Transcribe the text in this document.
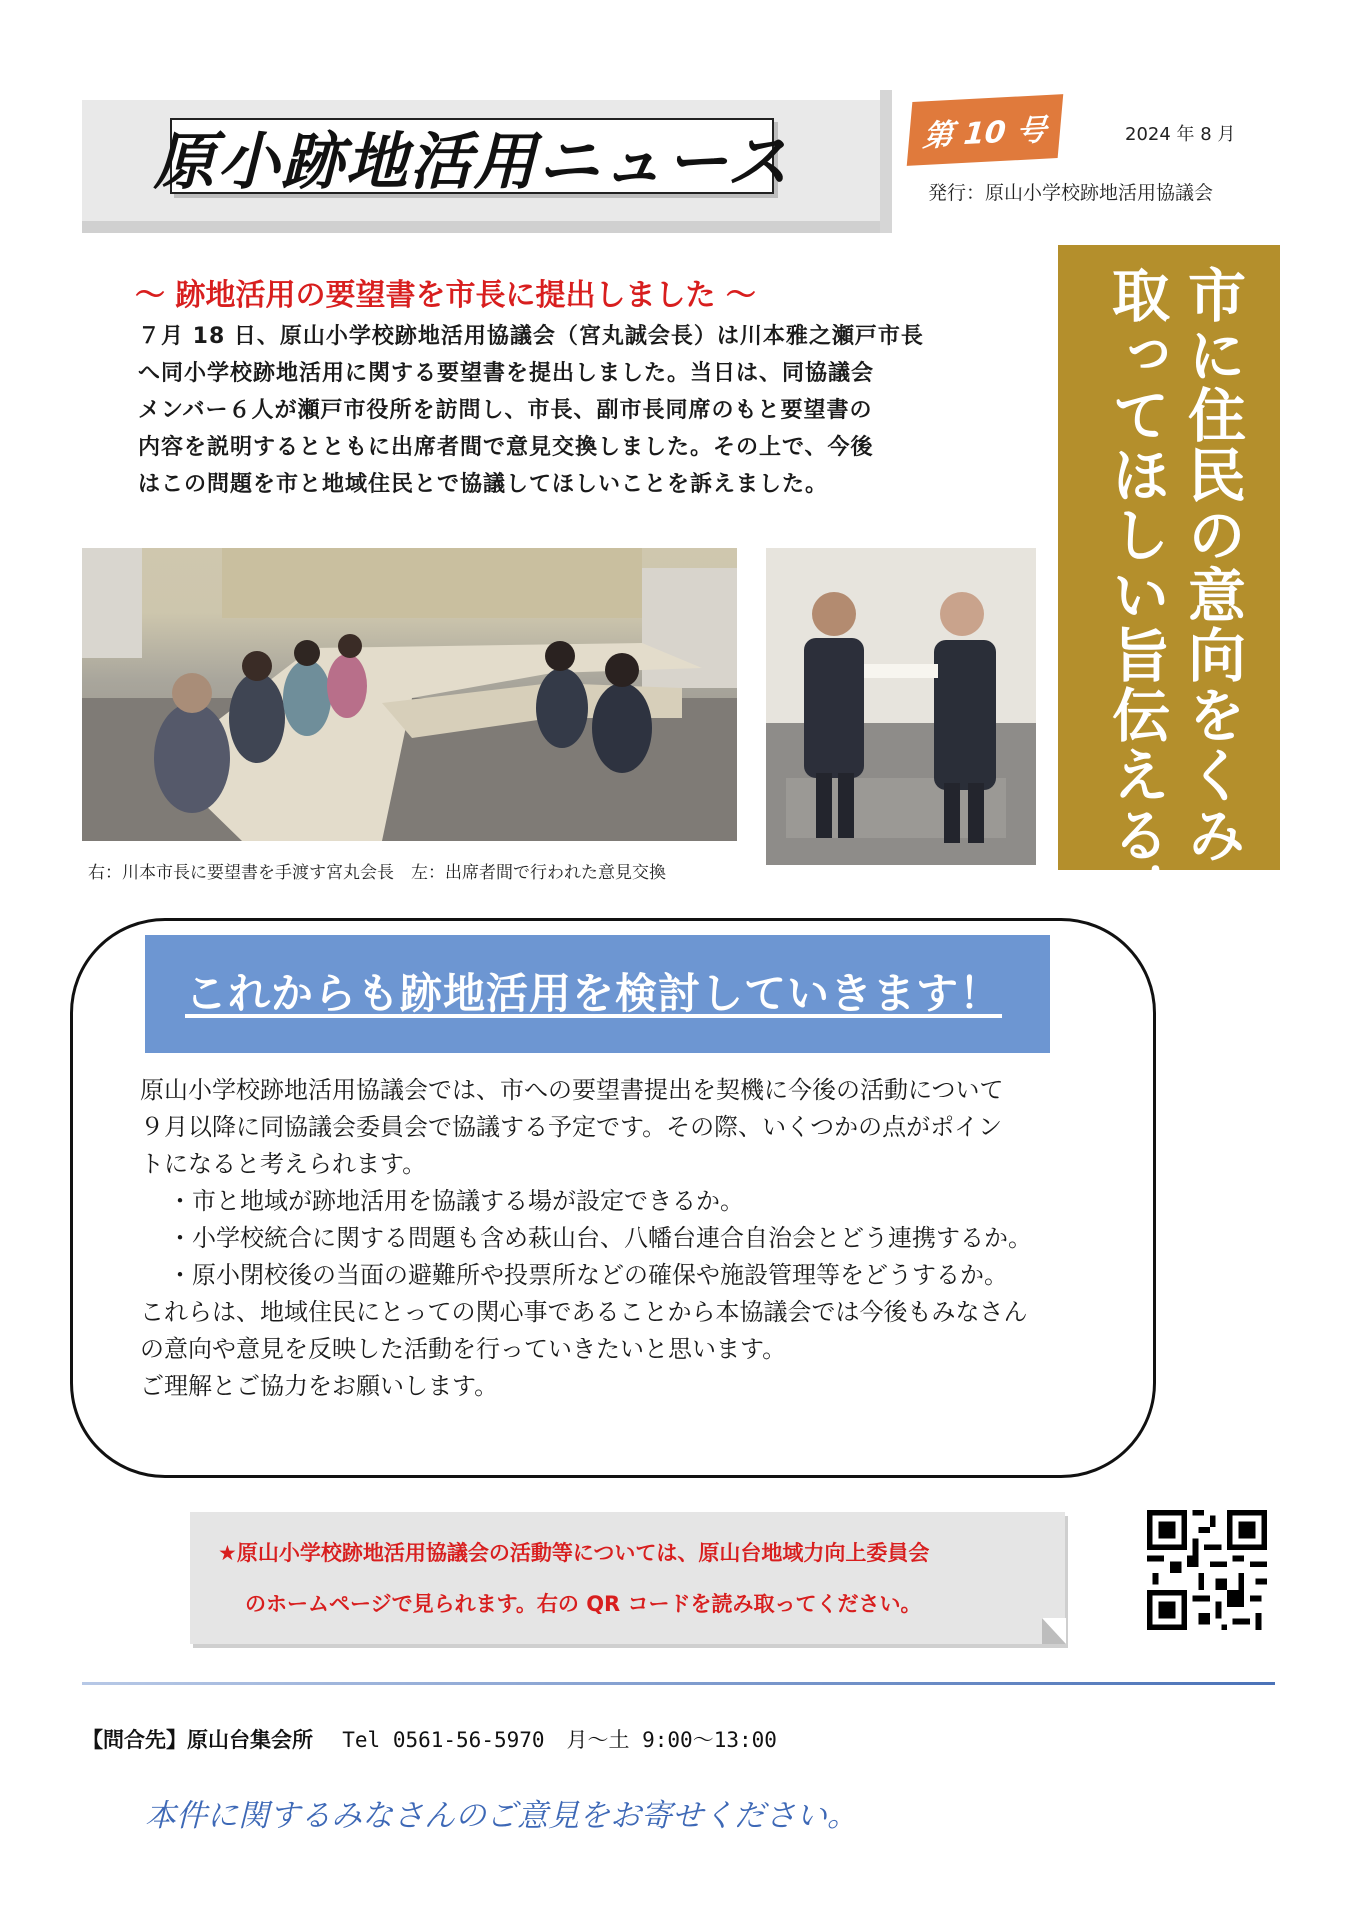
原小跡地活用ニュース	第 10 号	2024 年 8 月
発行：原山小学校跡地活用協議会
～ 跡地活用の要望書を市長に提出しました ～
７月 18 日、原山小学校跡地活用協議会（宮丸誠会長）は川本雅之瀬戸市長
へ同小学校跡地活用に関する要望書を提出しました。当日は、同協議会
メンバー６人が瀬戸市役所を訪問し、市長、副市長同席のもと要望書の
内容を説明するとともに出席者間で意見交換しました。その上で、今後
はこの問題を市と地域住民とで協議してほしいことを訴えました。
右：川本市長に要望書を手渡す宮丸会長　左：出席者間で行われた意見交換
市に住民の意向をくみ
取ってほしい旨伝える！
これからも跡地活用を検討していきます！
原山小学校跡地活用協議会では、市への要望書提出を契機に今後の活動について
９月以降に同協議会委員会で協議する予定です。その際、いくつかの点がポイン
トになると考えられます。
・市と地域が跡地活用を協議する場が設定できるか。
・小学校統合に関する問題も含め萩山台、八幡台連合自治会とどう連携するか。
・原小閉校後の当面の避難所や投票所などの確保や施設管理等をどうするか。
これらは、地域住民にとっての関心事であることから本協議会では今後もみなさん
の意向や意見を反映した活動を行っていきたいと思います。
ご理解とご協力をお願いします。
★原山小学校跡地活用協議会の活動等については、原山台地域力向上委員会
のホームページで見られます。右の QR コードを読み取ってください。
【問合先】原山台集会所 Tel 0561-56-5970 月～土 9:00～13:00
本件に関するみなさんのご意見をお寄せください。
